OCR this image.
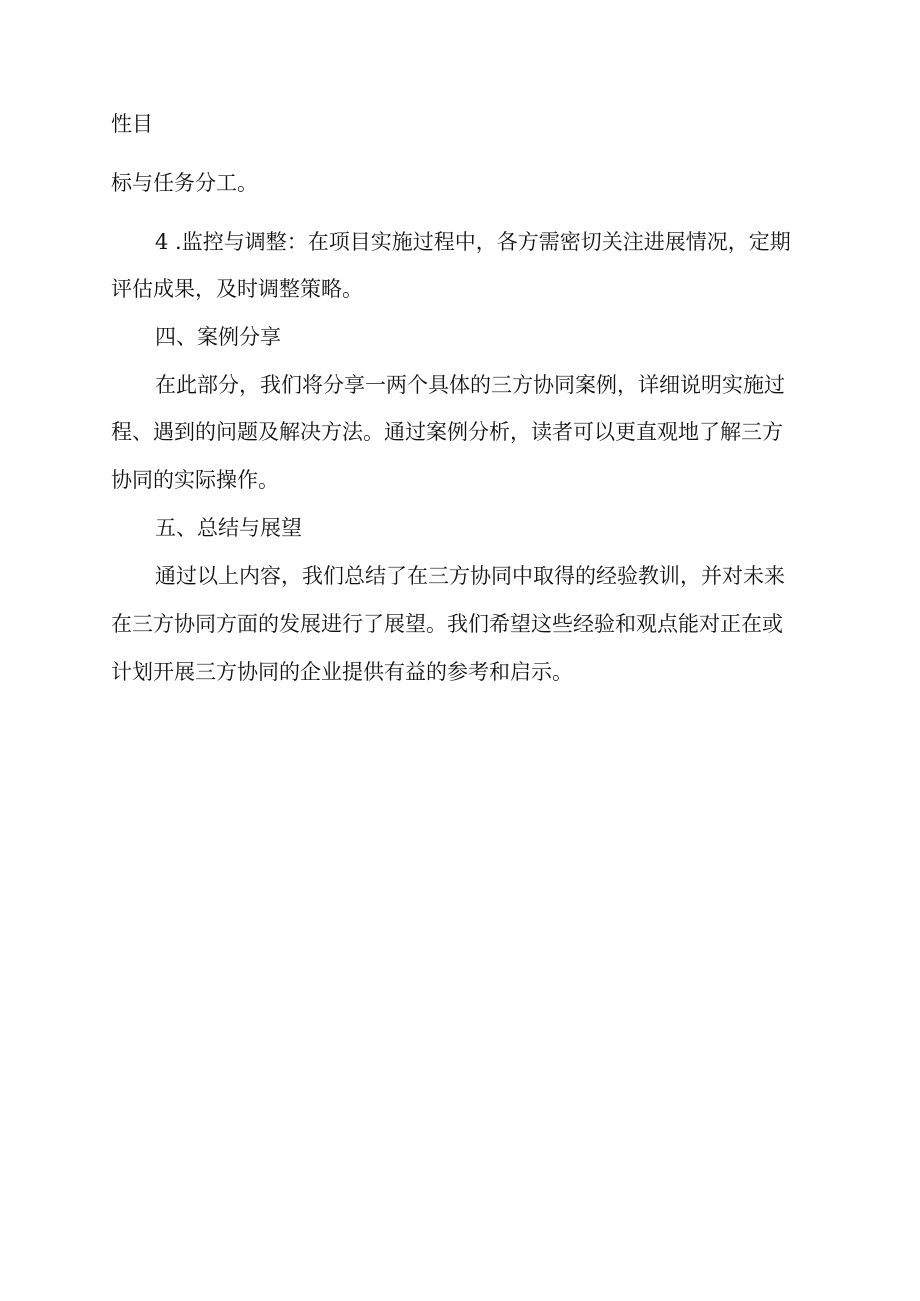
性目
标与任务分工。
4 .监控与调整：在项目实施过程中，各方需密切关注进展情况，定期
评估成果，及时调整策略。
四、案例分享
在此部分，我们将分享一两个具体的三方协同案例，详细说明实施过
程、遇到的问题及解决方法。通过案例分析，读者可以更直观地了解三方
协同的实际操作。
五、总结与展望
通过以上内容，我们总结了在三方协同中取得的经验教训，并对未来
在三方协同方面的发展进行了展望。我们希望这些经验和观点能对正在或
计划开展三方协同的企业提供有益的参考和启示。
